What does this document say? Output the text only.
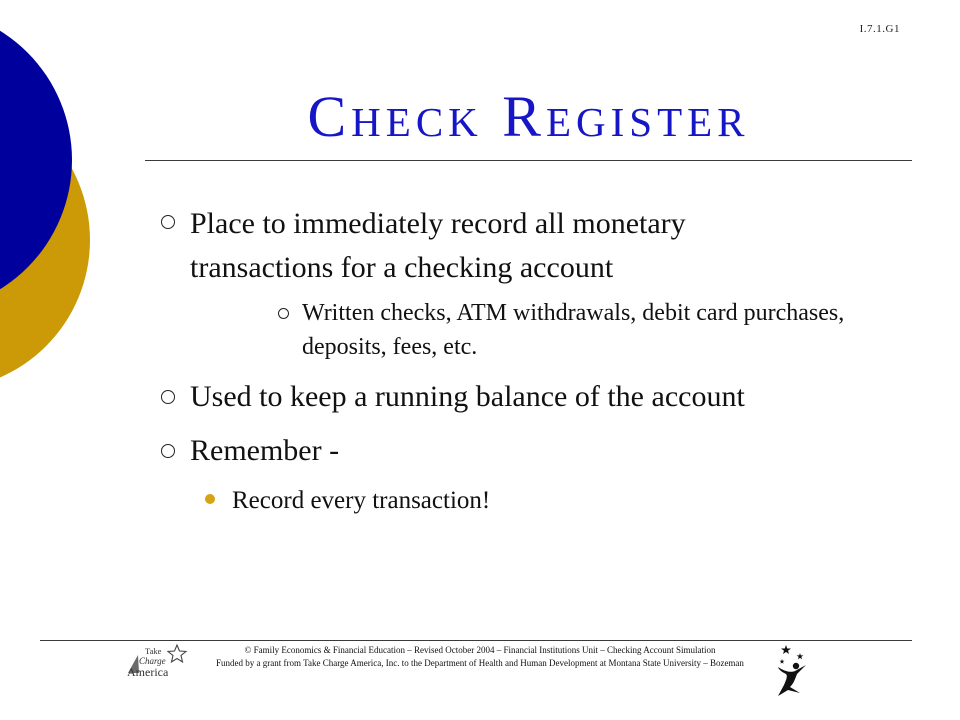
I.7.1.G1
Check Register
Place to immediately record all monetary
transactions for a checking account
Written checks, ATM withdrawals, debit card purchases,
deposits, fees, etc.
Used to keep a running balance of the account
Remember -
Record every transaction!
© Family Economics & Financial Education – Revised October 2004 – Financial Institutions Unit – Checking Account Simulation
Funded by a grant from Take Charge America, Inc. to the Department of Health and Human Development at Montana State University – Bozeman
Take
Charge
America
